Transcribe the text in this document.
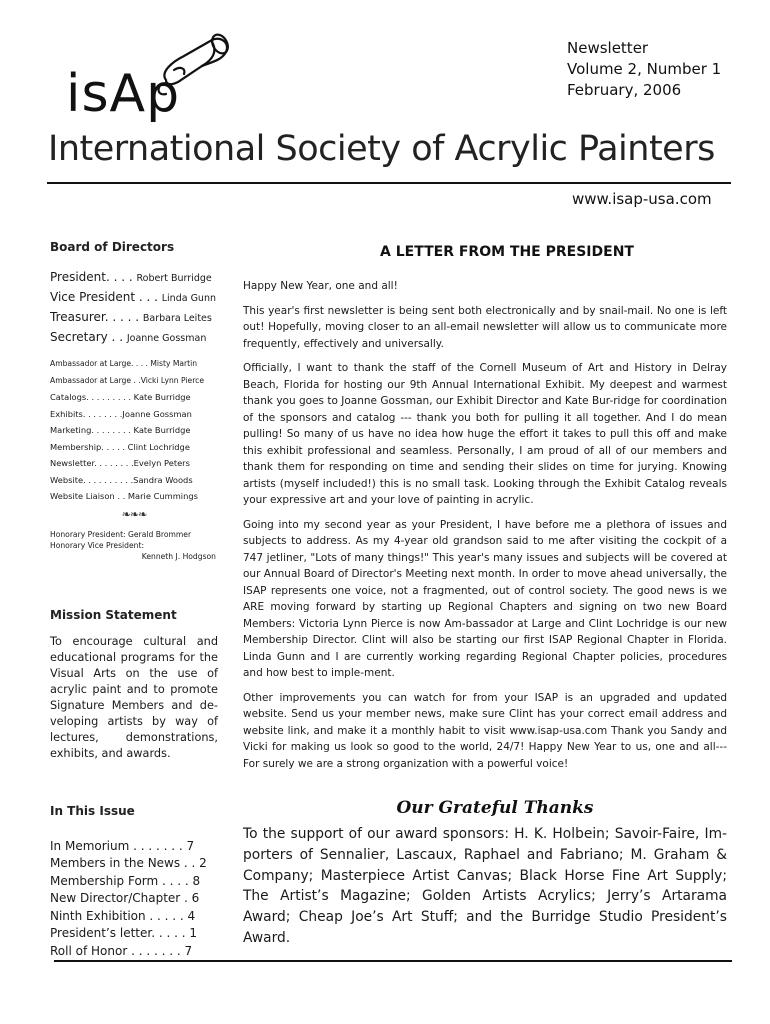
isAp
Newsletter
Volume 2, Number 1
February, 2006
International Society of Acrylic Painters
www.isap-usa.com
Board of Directors
President. . . . Robert Burridge
Vice President . . . Linda Gunn
Treasurer. . . . . Barbara Leites
Secretary . . Joanne Gossman
Ambassador at Large. . . . Misty Martin
Ambassador at Large . .Vicki Lynn Pierce
Catalogs. . . . . . . . . Kate Burridge
Exhibits. . . . . . . .Joanne Gossman
Marketing. . . . . . . . Kate Burridge
Membership. . . . . Clint Lochridge
Newsletter. . . . . . . .Evelyn Peters
Website. . . . . . . . . .Sandra Woods
Website Liaison . . Marie Cummings
❧❧❧
Honorary President: Gerald Brommer
Honorary Vice President:
Kenneth J. Hodgson
Mission Statement
To encourage cultural and educational programs for the Visual Arts on the use of acrylic paint and to promote Signature Members and de-veloping artists by way of lectures, demonstrations, exhibits, and awards.
In This Issue
In Memorium . . . . . . . 7
Members in the News . . 2
Membership Form . . . . 8
New Director/Chapter . 6
Ninth Exhibition . . . . . 4
President’s letter. . . . . 1
Roll of Honor . . . . . . . 7
A LETTER FROM THE PRESIDENT

Happy New Year, one and all!

This year's first newsletter is being sent both electronically and by snail-mail. No one is left out! Hopefully, moving closer to an all-email newsletter will allow us to communicate more frequently, effectively and universally.

Officially, I want to thank the staff of the Cornell Museum of Art and History in Delray Beach, Florida for hosting our 9th Annual International Exhibit. My deepest and warmest thank you goes to Joanne Gossman, our Exhibit Director and Kate Bur-ridge for coordination of the sponsors and catalog --- thank you both for pulling it all together. And I do mean pulling! So many of us have no idea how huge the effort it takes to pull this off and make this exhibit professional and seamless. Personally, I am proud of all of our members and thank them for responding on time and sending their slides on time for jurying. Knowing artists (myself included!) this is no small task. Looking through the Exhibit Catalog reveals your expressive art and your love of painting in acrylic.

Going into my second year as your President, I have before me a plethora of issues and subjects to address. As my 4-year old grandson said to me after visiting the cockpit of a 747 jetliner, "Lots of many things!" This year's many issues and subjects will be covered at our Annual Board of Director's Meeting next month. In order to move ahead universally, the ISAP represents one voice, not a fragmented, out of control society. The good news is we ARE moving forward by starting up Regional Chapters and signing on two new Board Members: Victoria Lynn Pierce is now Am-bassador at Large and Clint Lochridge is our new Membership Director. Clint will also be starting our first ISAP Regional Chapter in Florida. Linda Gunn and I are currently working regarding Regional Chapter policies, procedures and how best to imple-ment.

Other improvements you can watch for from your ISAP is an upgraded and updated website. Send us your member news, make sure Clint has your correct email address and website link, and make it a monthly habit to visit www.isap-usa.com Thank you Sandy and Vicki for making us look so good to the world, 24/7! Happy New Year to us, one and all--- For surely we are a strong organization with a powerful voice!

Our Grateful Thanks

To the support of our award sponsors: H. K. Holbein; Savoir-Faire, Im-porters of Sennalier, Lascaux, Raphael and Fabriano; M. Graham & Company; Masterpiece Artist Canvas; Black Horse Fine Art Supply; The Artist’s Magazine; Golden Artists Acrylics; Jerry’s Artarama Award; Cheap Joe’s Art Stuff; and the Burridge Studio President’s Award.
